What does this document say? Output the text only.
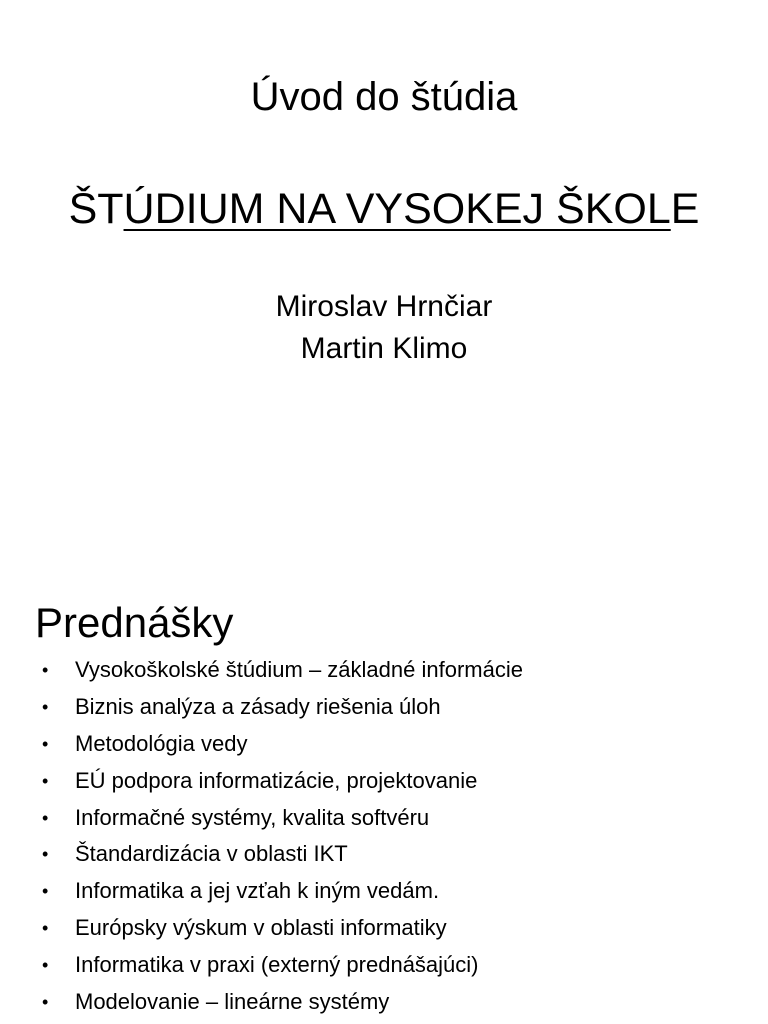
Úvod do štúdia
ŠTÚDIUM NA VYSOKEJ ŠKOLE
Miroslav Hrnčiar
Martin Klimo
Prednášky
• Vysokoškolské štúdium – základné informácie
• Biznis analýza a zásady riešenia úloh
• Metodológia vedy
• EÚ podpora informatizácie, projektovanie
• Informačné systémy, kvalita softvéru
• Štandardizácia v oblasti IKT
• Informatika a jej vzťah k iným vedám.
• Európsky výskum v oblasti informatiky
• Informatika v praxi (externý prednášajúci)
• Modelovanie – lineárne systémy
